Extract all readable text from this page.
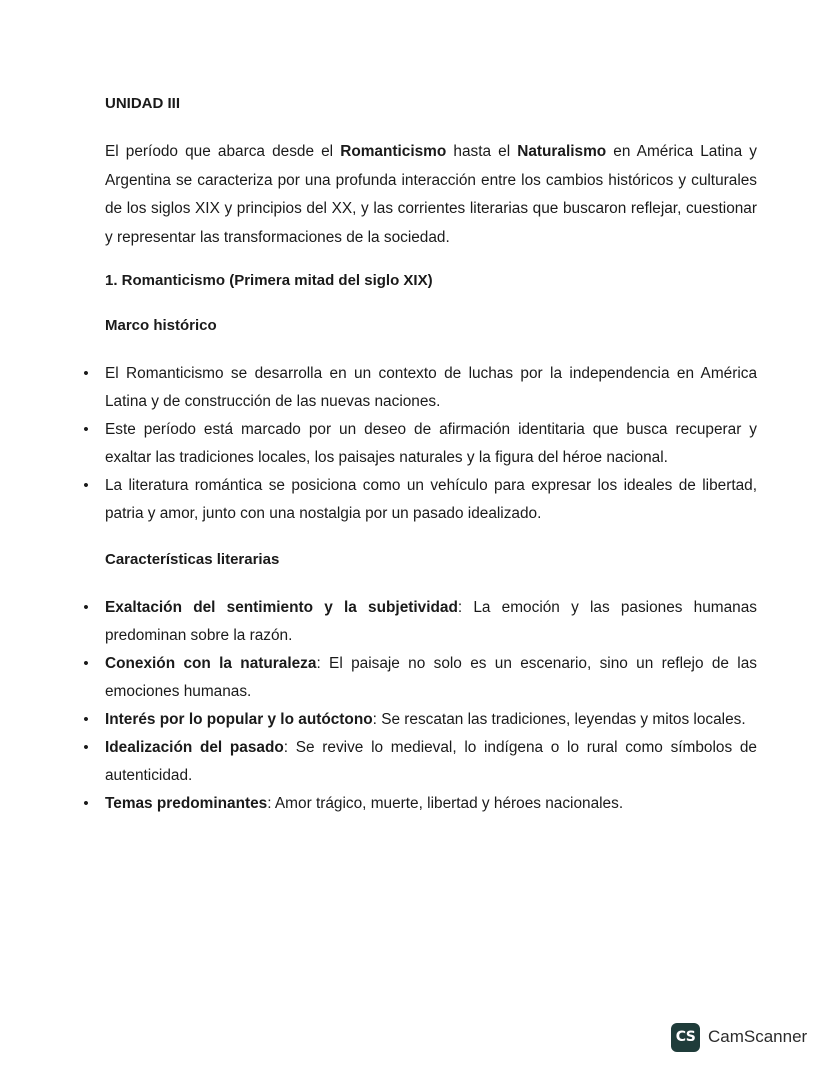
UNIDAD III

El período que abarca desde el Romanticismo hasta el Naturalismo en América Latina y Argentina se caracteriza por una profunda interacción entre los cambios históricos y culturales de los siglos XIX y principios del XX, y las corrientes literarias que buscaron reflejar, cuestionar y representar las transformaciones de la sociedad.

1. Romanticismo (Primera mitad del siglo XIX)

Marco histórico

• El Romanticismo se desarrolla en un contexto de luchas por la independencia en América Latina y de construcción de las nuevas naciones.
• Este período está marcado por un deseo de afirmación identitaria que busca recuperar y exaltar las tradiciones locales, los paisajes naturales y la figura del héroe nacional.
• La literatura romántica se posiciona como un vehículo para expresar los ideales de libertad, patria y amor, junto con una nostalgia por un pasado idealizado.

Características literarias

• Exaltación del sentimiento y la subjetividad: La emoción y las pasiones humanas predominan sobre la razón.
• Conexión con la naturaleza: El paisaje no solo es un escenario, sino un reflejo de las emociones humanas.
• Interés por lo popular y lo autóctono: Se rescatan las tradiciones, leyendas y mitos locales.
• Idealización del pasado: Se revive lo medieval, lo indígena o lo rural como símbolos de autenticidad.
• Temas predominantes: Amor trágico, muerte, libertad y héroes nacionales.
CS CamScanner
